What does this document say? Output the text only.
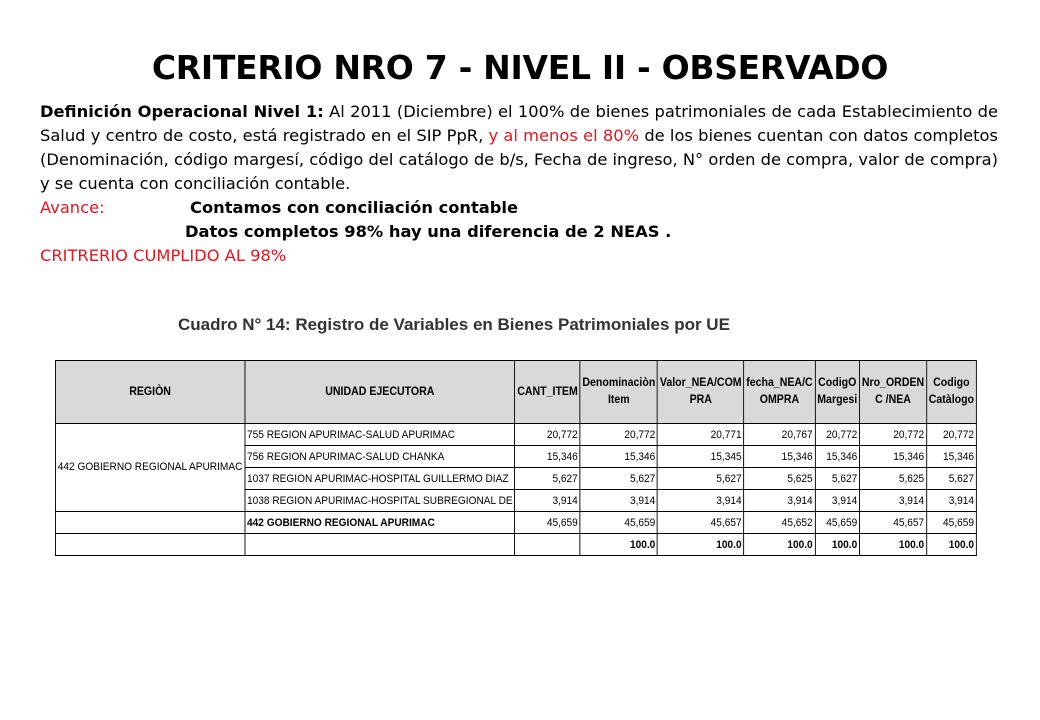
CRITERIO NRO 7 - NIVEL II - OBSERVADO

Definición Operacional Nivel 1: Al 2011 (Diciembre) el 100% de bienes patrimoniales de cada Establecimiento de Salud y centro de costo, está registrado en el SIP PpR, y al menos el 80% de los bienes cuentan con datos completos (Denominación, código margesí, código del catálogo de b/s, Fecha de ingreso, N° orden de compra, valor de compra) y se cuenta con conciliación contable.

Avance:	Contamos con conciliación contable

Datos completos 98% hay una diferencia de 2 NEAS .

CRITRERIO CUMPLIDO AL 98%

Cuadro N° 14: Registro de Variables en Bienes Patrimoniales por UE
REGIÒN	UNIDAD EJECUTORA	CANT_ITEM	Denominaciòn Item	Valor_NEA/COM PRA	fecha_NEA/C OMPRA	CodigO Margesi	Nro_ORDEN C /NEA	Codigo Catàlogo
442 GOBIERNO REGIONAL APURIMAC	755 REGION APURIMAC-SALUD APURIMAC	20,772	20,772	20,771	20,767	20,772	20,772	20,772
	756 REGION APURIMAC-SALUD CHANKA	15,346	15,346	15,345	15,346	15,346	15,346	15,346
	1037 REGION APURIMAC-HOSPITAL GUILLERMO DIAZ	5,627	5,627	5,627	5,625	5,627	5,625	5,627
	1038 REGION APURIMAC-HOSPITAL SUBREGIONAL DE	3,914	3,914	3,914	3,914	3,914	3,914	3,914
	442 GOBIERNO REGIONAL APURIMAC	45,659	45,659	45,657	45,652	45,659	45,657	45,659
			100.0	100.0	100.0	100.0	100.0	100.0
